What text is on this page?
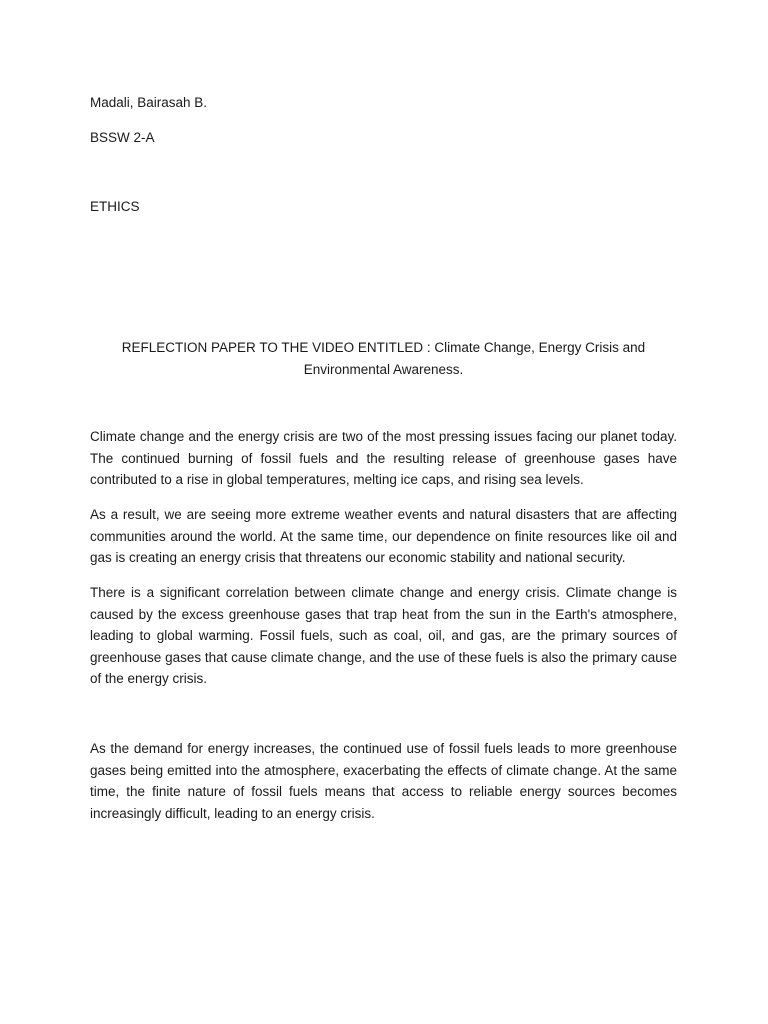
Madali, Bairasah B.
BSSW 2-A
ETHICS
REFLECTION PAPER TO THE VIDEO ENTITLED : Climate Change, Energy Crisis and Environmental Awareness.

Climate change and the energy crisis are two of the most pressing issues facing our planet today. The continued burning of fossil fuels and the resulting release of greenhouse gases have contributed to a rise in global temperatures, melting ice caps, and rising sea levels.

As a result, we are seeing more extreme weather events and natural disasters that are affecting communities around the world. At the same time, our dependence on finite resources like oil and gas is creating an energy crisis that threatens our economic stability and national security.

There is a significant correlation between climate change and energy crisis. Climate change is caused by the excess greenhouse gases that trap heat from the sun in the Earth's atmosphere, leading to global warming. Fossil fuels, such as coal, oil, and gas, are the primary sources of greenhouse gases that cause climate change, and the use of these fuels is also the primary cause of the energy crisis.

As the demand for energy increases, the continued use of fossil fuels leads to more greenhouse gases being emitted into the atmosphere, exacerbating the effects of climate change. At the same time, the finite nature of fossil fuels means that access to reliable energy sources becomes increasingly difficult, leading to an energy crisis.
